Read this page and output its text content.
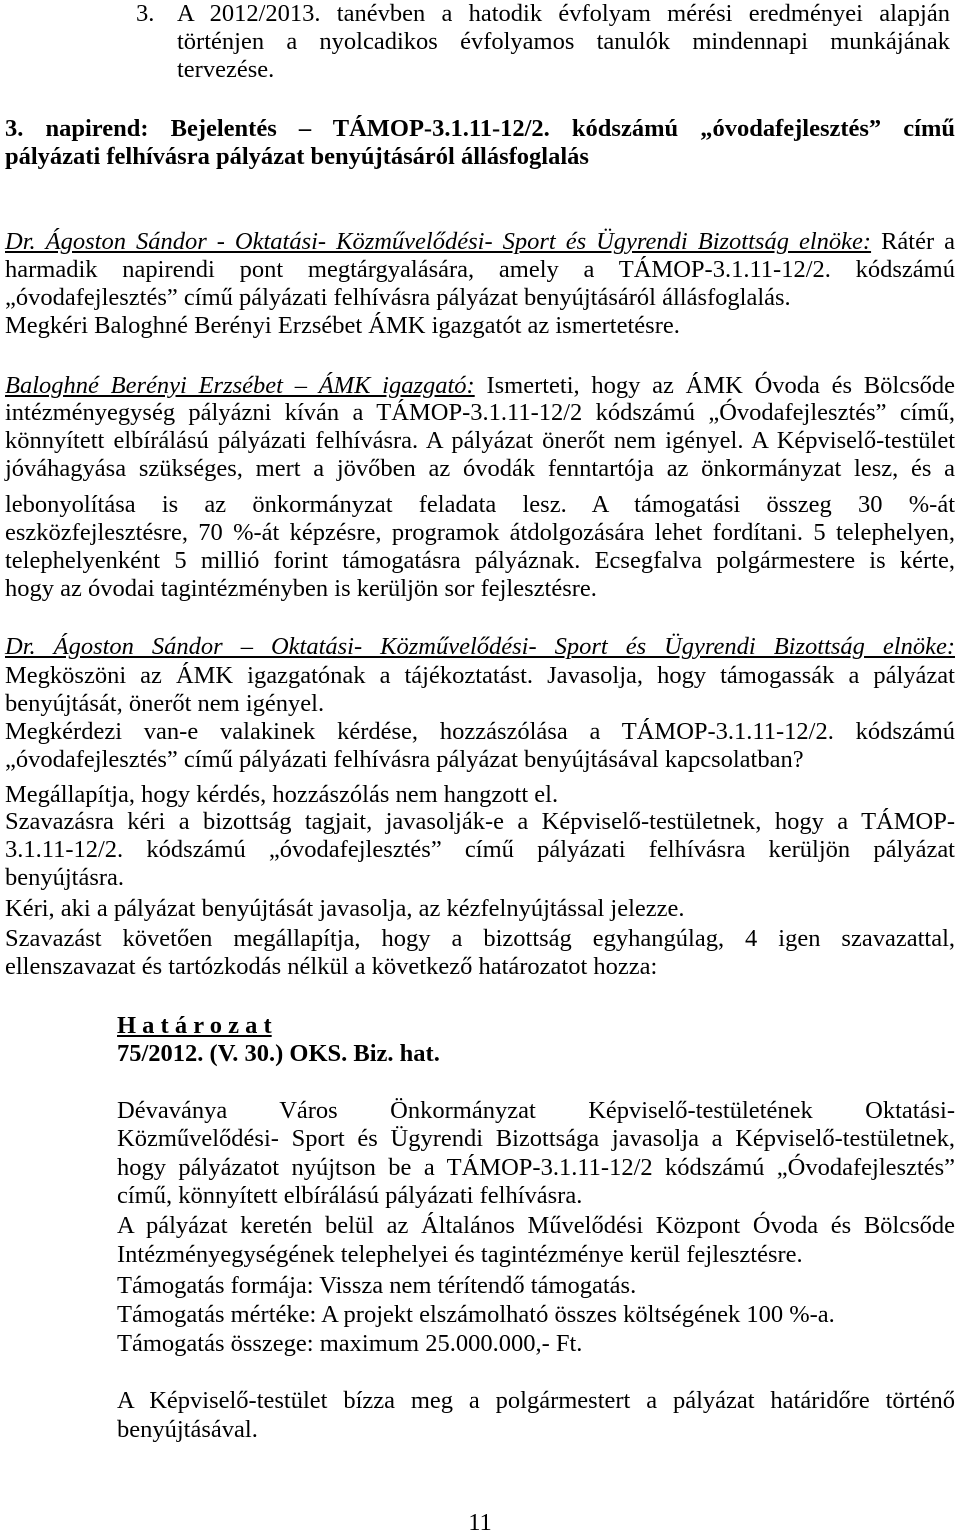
3. A 2012/2013. tanévben a hatodik évfolyam mérési eredményei alapján
történjen a nyolcadikos évfolyamos tanulók mindennapi munkájának
tervezése.
3. napirend: Bejelentés – TÁMOP-3.1.11-12/2. kódszámú „óvodafejlesztés” című
pályázati felhívásra pályázat benyújtásáról állásfoglalás
Dr. Ágoston Sándor - Oktatási- Közművelődési- Sport és Ügyrendi Bizottság elnöke: Rátér a
harmadik napirendi pont megtárgyalására, amely a TÁMOP-3.1.11-12/2. kódszámú
„óvodafejlesztés” című pályázati felhívásra pályázat benyújtásáról állásfoglalás.
Megkéri Baloghné Berényi Erzsébet ÁMK igazgatót az ismertetésre.
Baloghné Berényi Erzsébet – ÁMK igazgató: Ismerteti, hogy az ÁMK Óvoda és Bölcsőde
intézményegység pályázni kíván a TÁMOP-3.1.11-12/2 kódszámú „Óvodafejlesztés” című,
könnyített elbírálású pályázati felhívásra. A pályázat önerőt nem igényel. A Képviselő-testület
jóváhagyása szükséges, mert a jövőben az óvodák fenntartója az önkormányzat lesz, és a
lebonyolítása is az önkormányzat feladata lesz. A támogatási összeg 30 %-át
eszközfejlesztésre, 70 %-át képzésre, programok átdolgozására lehet fordítani. 5 telephelyen,
telephelyenként 5 millió forint támogatásra pályáznak. Ecsegfalva polgármestere is kérte,
hogy az óvodai tagintézményben is kerüljön sor fejlesztésre.
Dr. Ágoston Sándor – Oktatási- Közművelődési- Sport és Ügyrendi Bizottság elnöke:
Megköszöni az ÁMK igazgatónak a tájékoztatást. Javasolja, hogy támogassák a pályázat
benyújtását, önerőt nem igényel.
Megkérdezi van-e valakinek kérdése, hozzászólása a TÁMOP-3.1.11-12/2. kódszámú
„óvodafejlesztés” című pályázati felhívásra pályázat benyújtásával kapcsolatban?
Megállapítja, hogy kérdés, hozzászólás nem hangzott el.
Szavazásra kéri a bizottság tagjait, javasolják-e a Képviselő-testületnek, hogy a TÁMOP-
3.1.11-12/2. kódszámú „óvodafejlesztés” című pályázati felhívásra kerüljön pályázat
benyújtásra.
Kéri, aki a pályázat benyújtását javasolja, az kézfelnyújtással jelezze.
Szavazást követően megállapítja, hogy a bizottság egyhangúlag, 4 igen szavazattal,
ellenszavazat és tartózkodás nélkül a következő határozatot hozza:
H a t á r o z a t
75/2012. (V. 30.) OKS. Biz. hat.
Dévaványa Város Önkormányzat Képviselő-testületének Oktatási-
Közművelődési- Sport és Ügyrendi Bizottsága javasolja a Képviselő-testületnek,
hogy pályázatot nyújtson be a TÁMOP-3.1.11-12/2 kódszámú „Óvodafejlesztés”
című, könnyített elbírálású pályázati felhívásra.
A pályázat keretén belül az Általános Művelődési Központ Óvoda és Bölcsőde
Intézményegységének telephelyei és tagintézménye kerül fejlesztésre.
Támogatás formája: Vissza nem térítendő támogatás.
Támogatás mértéke: A projekt elszámolható összes költségének 100 %-a.
Támogatás összege: maximum 25.000.000,- Ft.
A Képviselő-testület bízza meg a polgármestert a pályázat határidőre történő
benyújtásával.
11
